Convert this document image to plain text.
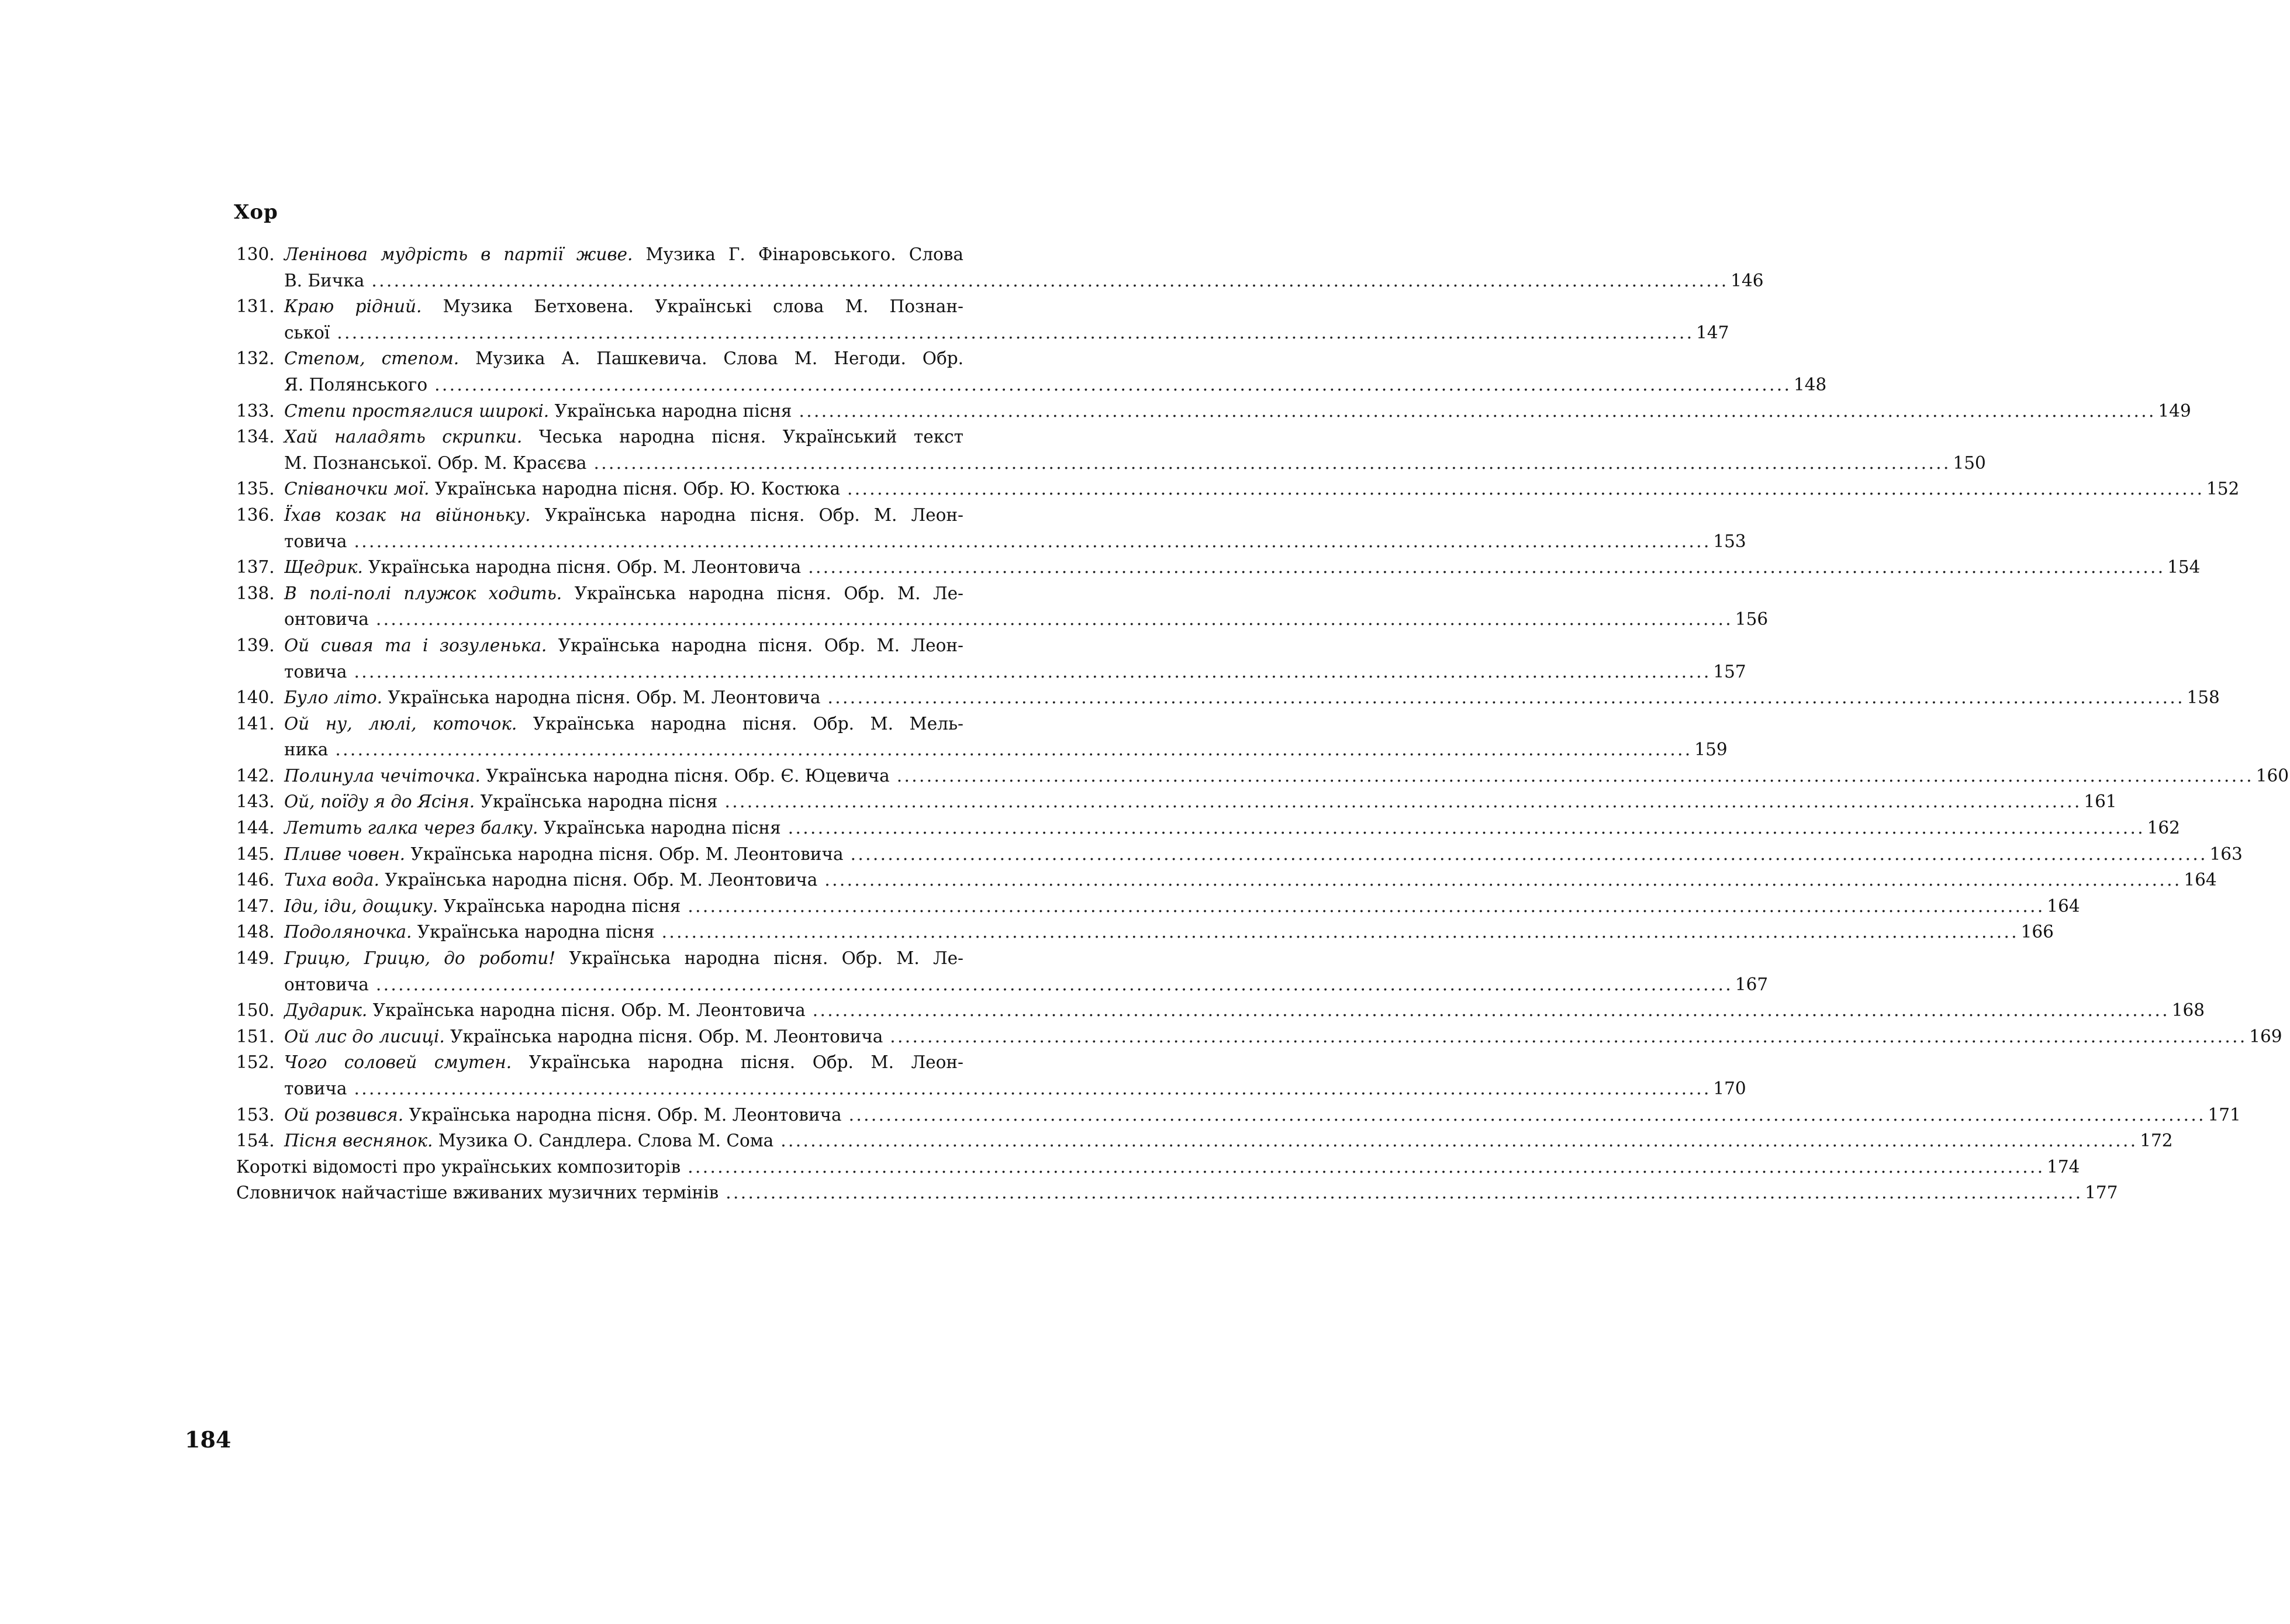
Хор
130. Ленінова мудрість в партії живе. Музика Г. Фінаровського. Слова
В. Бичка . . .	146
131. Краю рідний. Музика Бетховена. Українські слова М. Познан-
ської . . .	147
132. Степом, степом. Музика А. Пашкевича. Слова М. Негоди. Обр.
Я. Полянського . . .	148
133. Степи простяглися широкі. Українська народна пісня . . .	149
134. Хай наладять скрипки. Чеська народна пісня. Український текст
М. Познанської. Обр. М. Красєва . . .	150
135. Співаночки мої. Українська народна пісня. Обр. Ю. Костюка . . .	152
136. Їхав козак на війноньку. Українська народна пісня. Обр. М. Леон-
товича . . .	153
137. Щедрик. Українська народна пісня. Обр. М. Леонтовича . . .	154
138. В полі-полі плужок ходить. Українська народна пісня. Обр. М. Ле-
онтовича . . .	156
139. Ой сивая та і зозуленька. Українська народна пісня. Обр. М. Леон-
товича . . .	157
140. Було літо. Українська народна пісня. Обр. М. Леонтовича . . .	158
141. Ой ну, люлі, коточок. Українська народна пісня. Обр. М. Мель-
ника . . .	159
142. Полинула чечіточка. Українська народна пісня. Обр. Є. Юцевича . . .	160
143. Ой, поїду я до Ясіня. Українська народна пісня . . .	161
144. Летить галка через балку. Українська народна пісня . . .	162
145. Пливе човен. Українська народна пісня. Обр. М. Леонтовича . . .	163
146. Тиха вода. Українська народна пісня. Обр. М. Леонтовича . . .	164
147. Іди, іди, дощику. Українська народна пісня . . .	164
148. Подоляночка. Українська народна пісня . . .	166
149. Грицю, Грицю, до роботи! Українська народна пісня. Обр. М. Ле-
онтовича . . .	167
150. Дударик. Українська народна пісня. Обр. М. Леонтовича . . .	168
151. Ой лис до лисиці. Українська народна пісня. Обр. М. Леонтовича . . .	169
152. Чого соловей смутен. Українська народна пісня. Обр. М. Леон-
товича . . .	170
153. Ой розвився. Українська народна пісня. Обр. М. Леонтовича . . .	171
154. Пісня веснянок. Музика О. Сандлера. Слова М. Сома . . .	172
Короткі відомості про українських композиторів . . .	174
Словничок найчастіше вживаних музичних термінів . . .	177
184
